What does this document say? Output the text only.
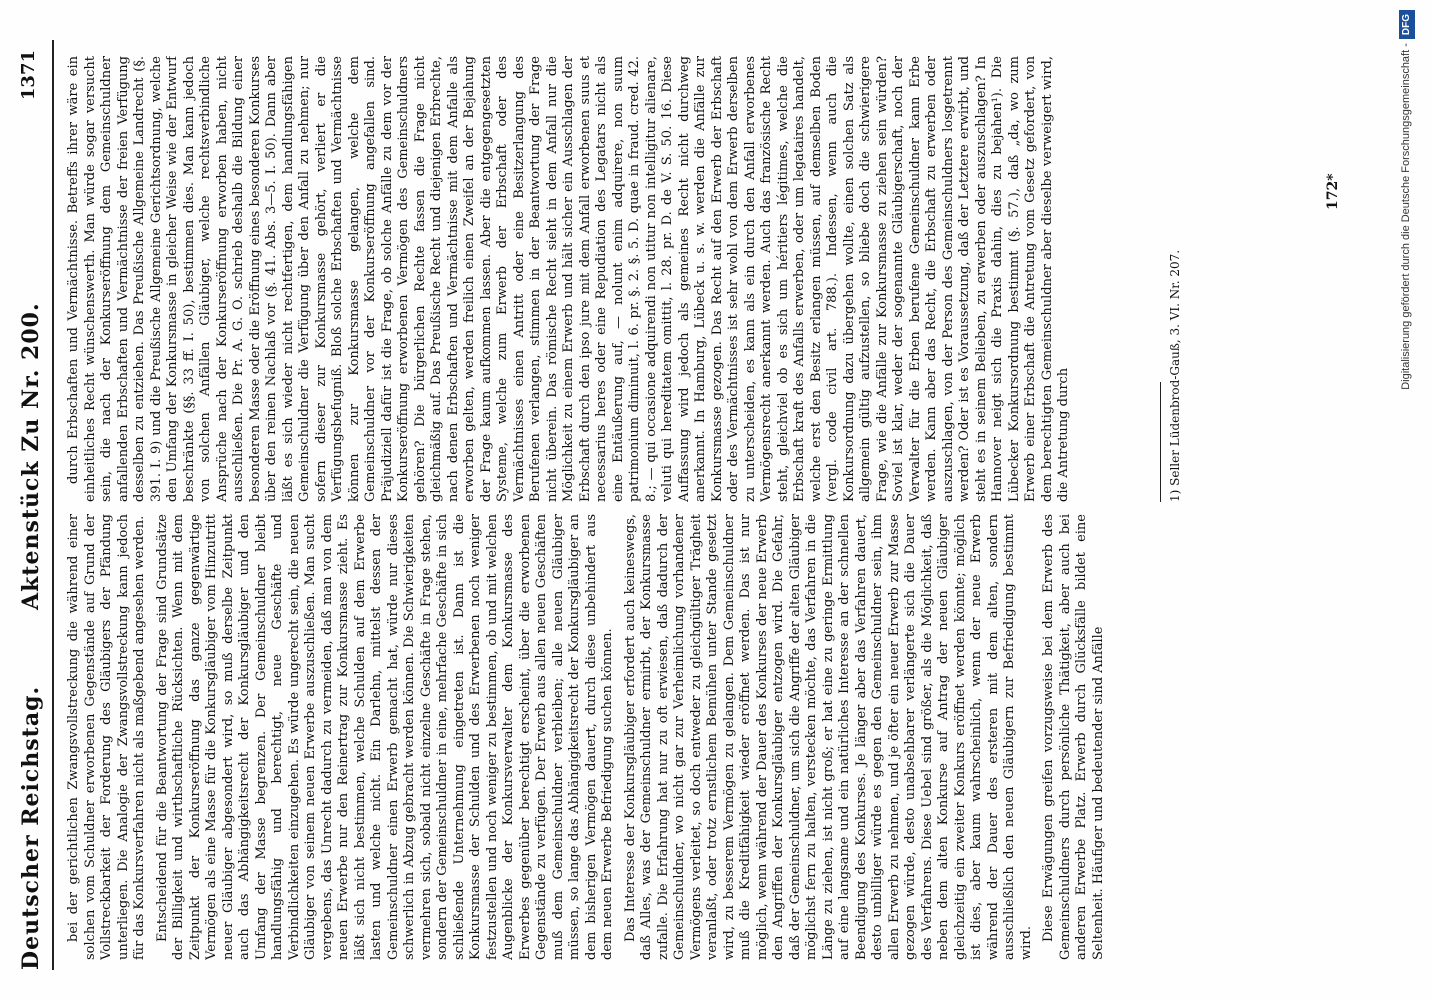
Deutscher Reichstag.
Aktenstück Zu Nr. 200.
1371

bei der gerichtlichen Zwangsvollstreckung die während einer solchen vom Schuldner erworbenen Gegenstände auf Grund der Vollstreckbarkeit der Forderung des Gläubigers der Pfändung unterliegen. Die Analogie der Zwangsvollstreckung kann jedoch für das Konkursverfahren nicht als maßgebend angesehen werden. Entscheidend für die Beantwortung der Frage sind Grundsätze der Billigkeit und wirthschaftliche Rücksichten. Wenn mit dem Zeitpunkt der Konkurseröffnung das ganze gegenwärtige Vermögen als eine Masse für die Konkursgläubiger vom Hinzutritt neuer Gläubiger abgesondert wird, so muß derselbe Zeitpunkt auch das Abhängigkeitsrecht der Konkursgläubiger und den Umfang der Masse begrenzen. Der Gemeinschuldner bleibt handlungsfähig und berechtigt, neue Geschäfte und Verbindlichkeiten einzugehen. Es würde ungerecht sein, die neuen Gläubiger von seinem neuen Erwerbe auszuschließen. Man sucht vergebens, das Unrecht dadurch zu vermeiden, daß man von dem neuen Erwerbe nur den Reinertrag zur Konkursmasse zieht. Es läßt sich nicht bestimmen, welche Schulden auf dem Erwerbe lasten und welche nicht. Ein Darlehn, mittelst dessen der Gemeinschuldner einen Erwerb gemacht hat, würde nur dieses schwerlich in Abzug gebracht werden können. Die Schwierigkeiten vermehren sich, sobald nicht einzelne Geschäfte in Frage stehen, sondern der Gemeinschuldner in eine, mehrfache Geschäfte in sich schließende Unternehmung eingetreten ist. Dann ist die Konkursmasse der Schulden und des Erwerbenen noch weniger festzustellen und noch weniger zu bestimmen, ob und mit welchen Augenblicke der Konkursverwalter dem Konkursmasse des Erwerbes gegenüber berechtigt erscheint, über die erworbenen Gegenstände zu verfügen. Der Erwerb aus allen neuen Geschäften muß dem Gemeinschuldner verbleiben; alle neuen Gläubiger müssen, so lange das Abhängigkeitsrecht der Konkursgläubiger an dem bisherigen Vermögen dauert, durch diese unbehindert aus dem neuen Erwerbe Befriedigung suchen können. Das Interesse der Konkursgläubiger erfordert auch keineswegs, daß Alles, was der Gemeinschuldner ermirbt, der Konkursmasse zufalle. Die Erfahrung hat nur zu oft erwiesen, daß dadurch der Gemeinschuldner, wo nicht gar zur Verheimlichung vorhandener Vermögens verleitet, so doch entweder zu gleichgültiger Trägheit veranlaßt, oder trotz ernstlichem Bemühen unter Stande gesetzt wird, zu besserem Vermögen zu gelangen. Dem Gemeinschuldner muß die Kreditfähigkeit wieder eröffnet werden. Das ist nur möglich, wenn während der Dauer des Konkurses der neue Erwerb den Angriffen der Konkursgläubiger entzogen wird. Die Gefahr, daß der Gemeinschuldner, um sich die Angriffe der alten Gläubiger möglichst fern zu halten, verstecken möchte, das Verfahren in die Länge zu ziehen, ist nicht groß; er hat eine zu geringe Ermittlung auf eine langsame und ein natürliches Interesse an der schnellen Beendigung des Konkurses. Je länger aber das Verfahren dauert, desto unbilliger würde es gegen den Gemeinschuldner sein, ihm allen Erwerb zu nehmen, und je öfter ein neuer Erwerb zur Masse gezogen würde, desto unabsehbarer verlängerte sich die Dauer des Verfahrens. Diese Uebel sind größer, als die Möglichkeit, daß neben dem alten Konkurse auf Antrag der neuen Gläubiger gleichzeitig ein zweiter Konkurs eröffnet werden könnte; möglich ist dies, aber kaum wahrscheinlich, wenn der neue Erwerb während der Dauer des ersteren mit dem alten, sondern ausschließlich den neuen Gläubigern zur Befriedigung bestimmt wird.

Diese Erwägungen greifen vorzugsweise bei dem Erwerb des Gemeinschuldners durch persönliche Thätigkeit, aber auch bei anderen Erwerbe Platz. Erwerb durch Glücksfälle bildet eine Seltenheit. Häufiger und bedeutender sind Anfälle

durch Erbschaften und Vermächtnisse. Betreffs ihrer wäre ein einheitliches Recht wünschenswerth. Man würde sogar versucht sein, die nach der Konkurseröffnung dem Gemeinschuldner anfallenden Erbschaften und Vermächtnisse der freien Verfügung desselben zu entziehen. Das Preußische Allgemeine Landrecht (§. 391. I. 9) und die Preußische Allgemeine Gerichtsordnung, welche den Umfang der Konkursmasse in gleicher Weise wie der Entwurf beschränkte (§§. 33 ff. I. 50), bestimmen dies. Man kann jedoch von solchen Anfällen Gläubiger, welche rechtsverbindliche Ansprüche nach der Konkurseröffnung erworben haben, nicht ausschließen. Die Pr. A. G. O. schrieb deshalb die Bildung einer besonderen Masse oder die Eröffnung eines besonderen Konkurses über den reinen Nachlaß vor (§. 41. Abs. 3—5. I. 50). Dann aber läßt es sich wieder nicht rechtfertigen, dem handlungsfähigen Gemeinschuldner die Verfügung über den Anfall zu nehmen; nur sofern dieser zur Konkursmasse gehört, verliert er die Verfügungsbefugniß. Bloß solche Erbschaften und Vermächtnisse können zur Konkursmasse gelangen, welche dem Gemeinschuldner vor der Konkurseröffnung angefallen sind. Präjudiziell dafür ist die Frage, ob solche Anfälle zu dem vor der Konkurseröffnung erworbenen Vermögen des Gemeinschuldners gehören? Die bürgerlichen Rechte fassen die Frage nicht gleichmäßig auf. Das Preußische Recht und diejenigen Erbrechte, nach denen Erbschaften und Vermächtnisse mit dem Anfalle als erworben gelten, werden freilich einen Zweifel an der Bejahung der Frage kaum aufkommen lassen. Aber die entgegengesetzten Systeme, welche zum Erwerb der Erbschaft oder des Vermächtnisses einen Antritt oder eine Besitzerlangung des Berufenen verlangen, stimmen in der Beantwortung der Frage nicht überein. Das römische Recht sieht in dem Anfall nur die Möglichkeit zu einem Erwerb und hält sicher ein Ausschlagen der Erbschaft durch den ipso jure mit dem Anfall erworbenen suus et necessarius heres oder eine Repudiation des Legatars nicht als eine Entäußerung auf, — nolunt enim adquirere, non suum patrimonium diminuit, l. 6. pr. §. 2. §. 5. D. quae in fraud. cred. 42. 8.; — qui occasione adquirendi non utitur non intelligitur alienare, veluti qui hereditatem omittit, l. 28. pr. D. de V. S. 50. 16. Diese Auffassung wird jedoch als gemeines Recht nicht durchweg anerkannt. In Hamburg, Lübeck u. s. w. werden die Anfälle zur Konkursmasse gezogen. Das Recht auf den Erwerb der Erbschaft oder des Vermächtnisses ist sehr wohl von dem Erwerb derselben zu unterscheiden, es kann als ein durch den Anfall erworbenes Vermögensrecht anerkannt werden. Auch das französische Recht steht, gleichviel ob es sich um héritiers légitimes, welche die Erbschaft kraft des Anfalls erwerben, oder um legataires handelt, welche erst den Besitz erlangen müssen, auf demselben Boden (vergl. code civil art. 788.). Indessen, wenn auch die Konkursordnung dazu übergehen wollte, einen solchen Satz als allgemein gültig aufzustellen, so bliebe doch die schwierigere Frage, wie die Anfälle zur Konkursmasse zu ziehen sein würden? Soviel ist klar, weder der sogenannte Gläubigerschaft, noch der Verwalter für die Erben berufene Gemeinschuldner kann Erbe werden. Kann aber das Recht, die Erbschaft zu erwerben oder auszuschlagen, von der Person des Gemeinschuldners losgetrennt werden? Oder ist es Voraussetzung, daß der Letztere erwirbt, und steht es in seinem Belieben, zu erwerben oder auszuschlagen? In Hannover neigt sich die Praxis dahin, dies zu bejahen¹). Die Lübecker Konkursordnung bestimmt (§. 57.), daß „da, wo zum Erwerb einer Erbschaft die Antretung vom Gesetz gefordert, von dem berechtigten Gemeinschuldner aber dieselbe verweigert wird, die Antretung durch	1) Seller Lüdenbrod-Gauß, 3. VI. Nr. 207.
172*	Digitalisierung gefördert durch die Deutsche Forschungsgemeinschaft -DFG
